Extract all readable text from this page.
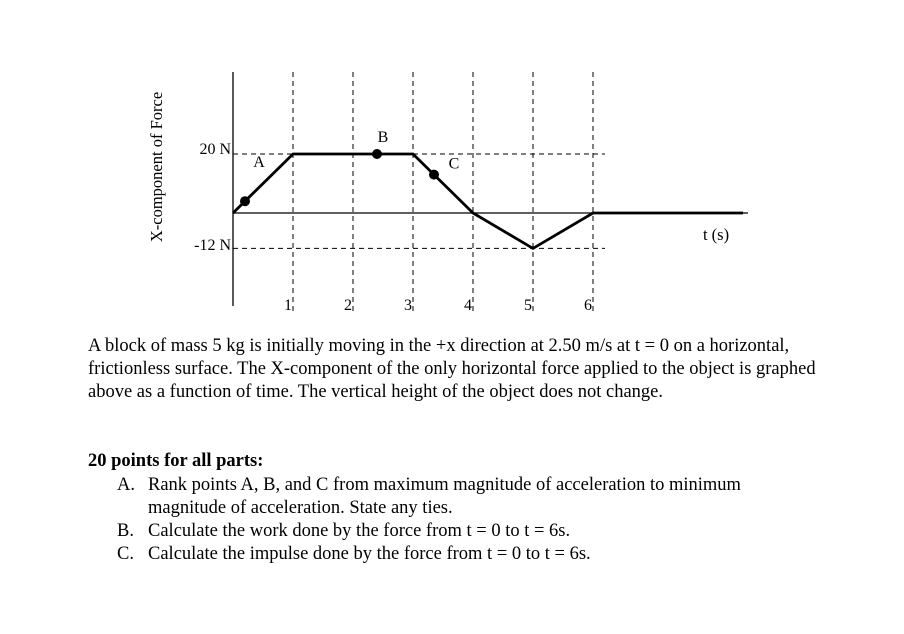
A
B
C
1	2	3	4	5	6
20 N
-12 N
X-component of Force	t (s)

A block of mass 5 kg is initially moving in the +x direction at 2.50 m/s at t = 0 on a horizontal, frictionless surface. The X-component of the only horizontal force applied to the object is graphed above as a function of time. The vertical height of the object does not change.

20 points for all parts:

A. Rank points A, B, and C from maximum magnitude of acceleration to minimum magnitude of acceleration. State any ties.
B. Calculate the work done by the force from t = 0 to t = 6s.
C. Calculate the impulse done by the force from t = 0 to t = 6s.
